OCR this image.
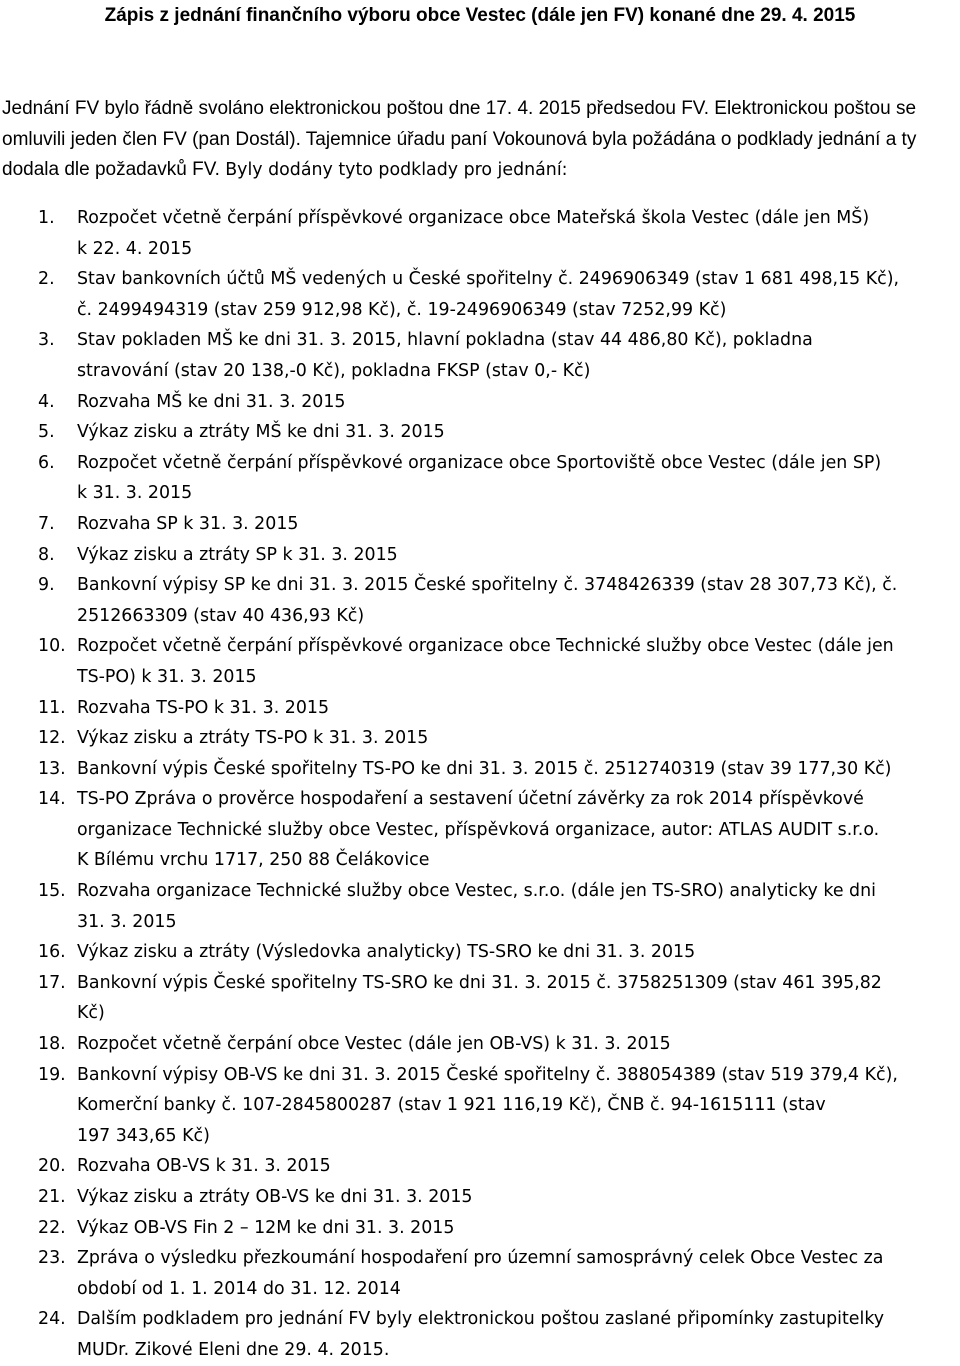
Zápis z jednání finančního výboru obce Vestec (dále jen FV) konané dne 29. 4. 2015

Jednání FV bylo řádně svoláno elektronickou poštou dne 17. 4. 2015 předsedou FV. Elektronickou poštou se omluvili jeden člen FV (pan Dostál). Tajemnice úřadu paní Vokounová byla požádána o podklady jednání a ty dodala dle požadavků FV. Byly dodány tyto podklady pro jednání:

1.	Rozpočet včetně čerpání příspěvkové organizace obce Mateřská škola Vestec (dále jen MŠ)
k 22. 4. 2015
2.	Stav bankovních účtů MŠ vedených u České spořitelny č. 2496906349 (stav 1 681 498,15 Kč),
č. 2499494319 (stav 259 912,98 Kč), č. 19-2496906349 (stav 7252,99 Kč)
3.	Stav pokladen MŠ ke dni 31. 3. 2015, hlavní pokladna (stav 44 486,80 Kč), pokladna
stravování (stav 20 138,-0 Kč), pokladna FKSP (stav 0,- Kč)
4.	Rozvaha MŠ ke dni 31. 3. 2015
5.	Výkaz zisku a ztráty MŠ ke dni 31. 3. 2015
6.	Rozpočet včetně čerpání příspěvkové organizace obce Sportoviště obce Vestec (dále jen SP)
k 31. 3. 2015
7.	Rozvaha SP k 31. 3. 2015
8.	Výkaz zisku a ztráty SP k 31. 3. 2015
9.	Bankovní výpisy SP ke dni 31. 3. 2015 České spořitelny č. 3748426339 (stav 28 307,73 Kč), č.
2512663309 (stav 40 436,93 Kč)
10. Rozpočet včetně čerpání příspěvkové organizace obce Technické služby obce Vestec (dále jen
TS-PO) k 31. 3. 2015
11. Rozvaha TS-PO k 31. 3. 2015
12. Výkaz zisku a ztráty TS-PO k 31. 3. 2015
13. Bankovní výpis České spořitelny TS-PO ke dni 31. 3. 2015 č. 2512740319 (stav 39 177,30 Kč)
14. TS-PO Zpráva o prověrce hospodaření a sestavení účetní závěrky za rok 2014 příspěvkové
organizace Technické služby obce Vestec, příspěvková organizace, autor: ATLAS AUDIT s.r.o.
K Bílému vrchu 1717, 250 88 Čelákovice
15. Rozvaha organizace Technické služby obce Vestec, s.r.o. (dále jen TS-SRO) analyticky ke dni
31. 3. 2015
16. Výkaz zisku a ztráty (Výsledovka analyticky) TS-SRO ke dni 31. 3. 2015
17. Bankovní výpis České spořitelny TS-SRO ke dni 31. 3. 2015 č. 3758251309 (stav 461 395,82
Kč)
18. Rozpočet včetně čerpání obce Vestec (dále jen OB-VS) k 31. 3. 2015
19. Bankovní výpisy OB-VS ke dni 31. 3. 2015 České spořitelny č. 388054389 (stav 519 379,4 Kč),
Komerční banky č. 107-2845800287 (stav 1 921 116,19 Kč), ČNB č. 94-1615111 (stav
197 343,65 Kč)
20. Rozvaha OB-VS k 31. 3. 2015
21. Výkaz zisku a ztráty OB-VS ke dni 31. 3. 2015
22. Výkaz OB-VS Fin 2 – 12M ke dni 31. 3. 2015
23. Zpráva o výsledku přezkoumání hospodaření pro územní samosprávný celek Obce Vestec za
období od 1. 1. 2014 do 31. 12. 2014
24. Dalším podkladem pro jednání FV byly elektronickou poštou zaslané připomínky zastupitelky
MUDr. Zikové Eleni dne 29. 4. 2015.
